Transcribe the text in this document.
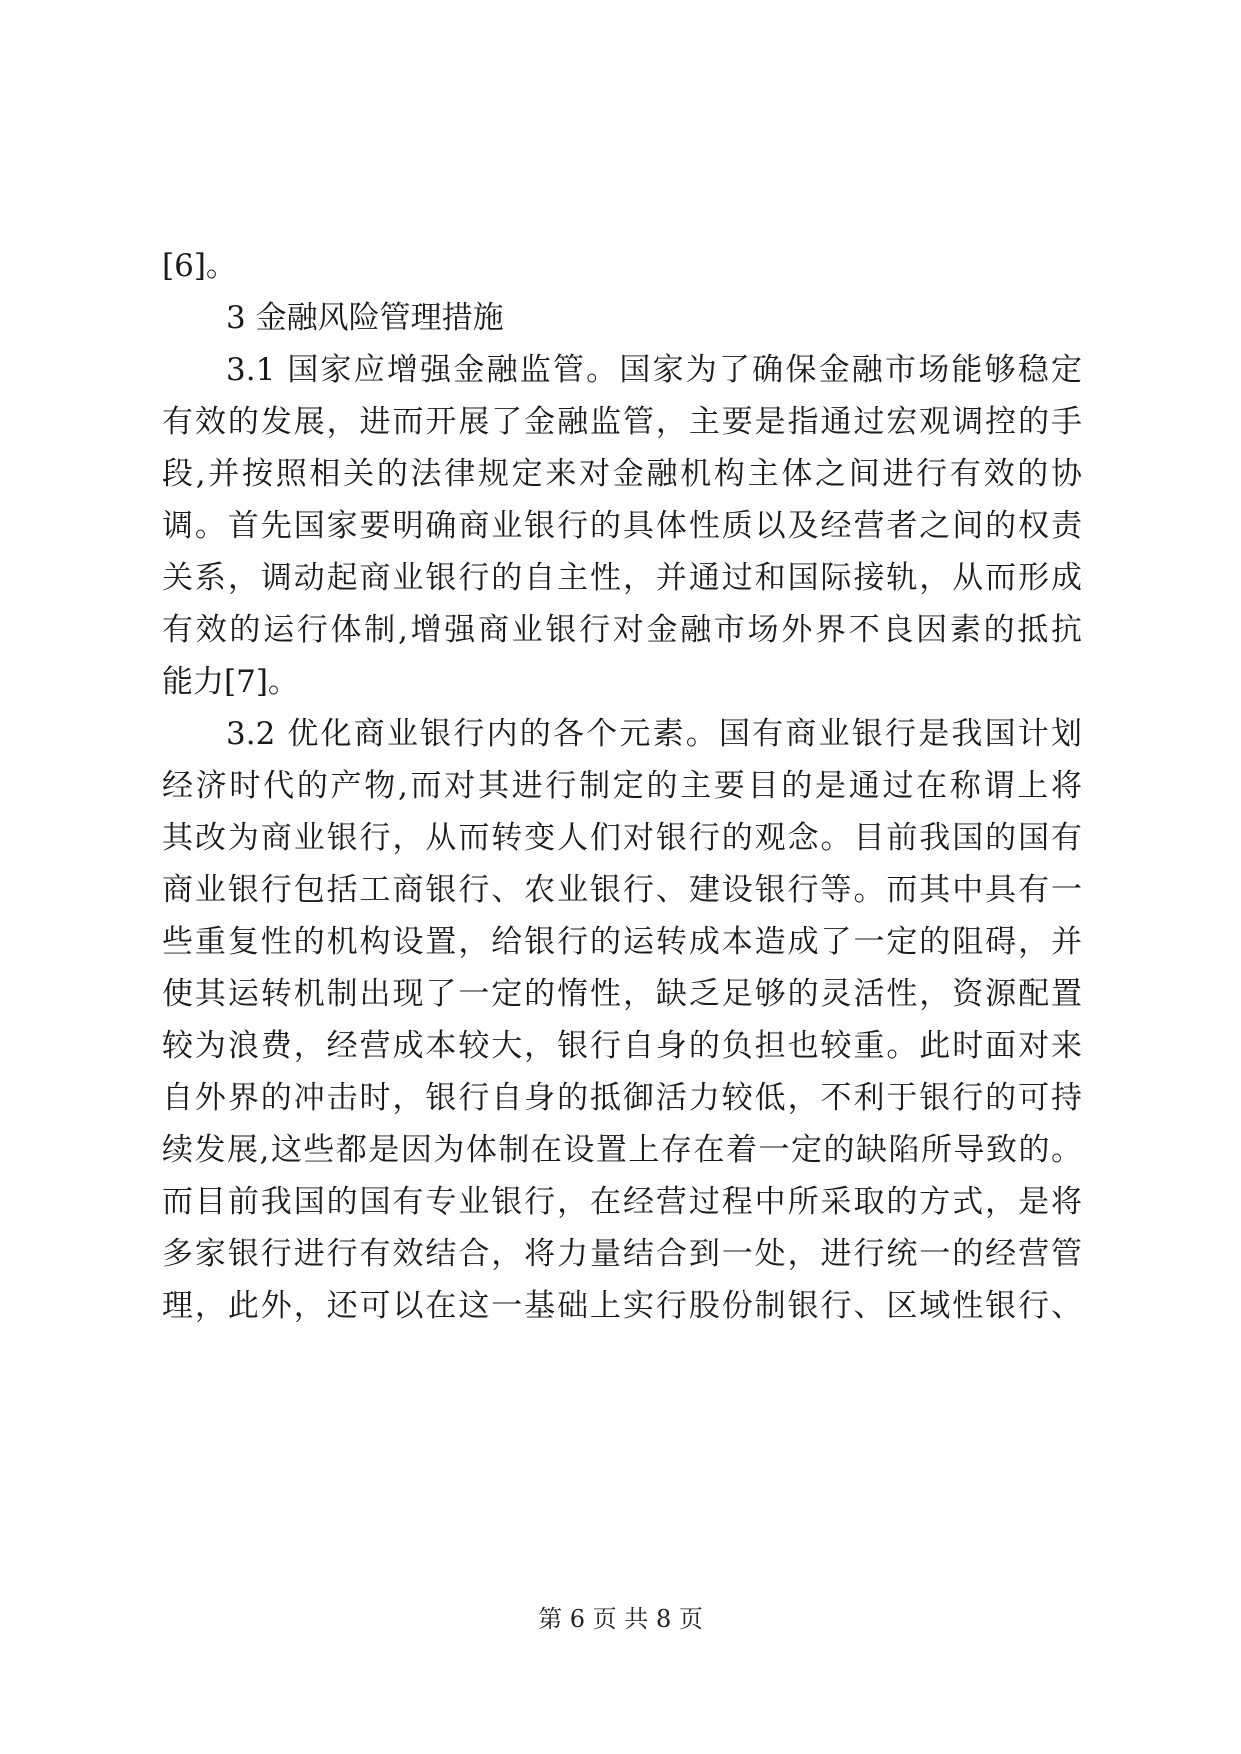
[6]。
3 金融风险管理措施
3.1 国家应增强金融监管。国家为了确保金融市场能够稳定
有效的发展，进而开展了金融监管，主要是指通过宏观调控的手
段,并按照相关的法律规定来对金融机构主体之间进行有效的协
调。首先国家要明确商业银行的具体性质以及经营者之间的权责
关系，调动起商业银行的自主性，并通过和国际接轨，从而形成
有效的运行体制,增强商业银行对金融市场外界不良因素的抵抗
能力[7]。
3.2 优化商业银行内的各个元素。国有商业银行是我国计划
经济时代的产物,而对其进行制定的主要目的是通过在称谓上将
其改为商业银行，从而转变人们对银行的观念。目前我国的国有
商业银行包括工商银行、农业银行、建设银行等。而其中具有一
些重复性的机构设置，给银行的运转成本造成了一定的阻碍，并
使其运转机制出现了一定的惰性，缺乏足够的灵活性，资源配置
较为浪费，经营成本较大，银行自身的负担也较重。此时面对来
自外界的冲击时，银行自身的抵御活力较低，不利于银行的可持
续发展,这些都是因为体制在设置上存在着一定的缺陷所导致的。
而目前我国的国有专业银行，在经营过程中所采取的方式，是将
多家银行进行有效结合，将力量结合到一处，进行统一的经营管
理，此外，还可以在这一基础上实行股份制银行、区域性银行、
第 6 页 共 8 页
